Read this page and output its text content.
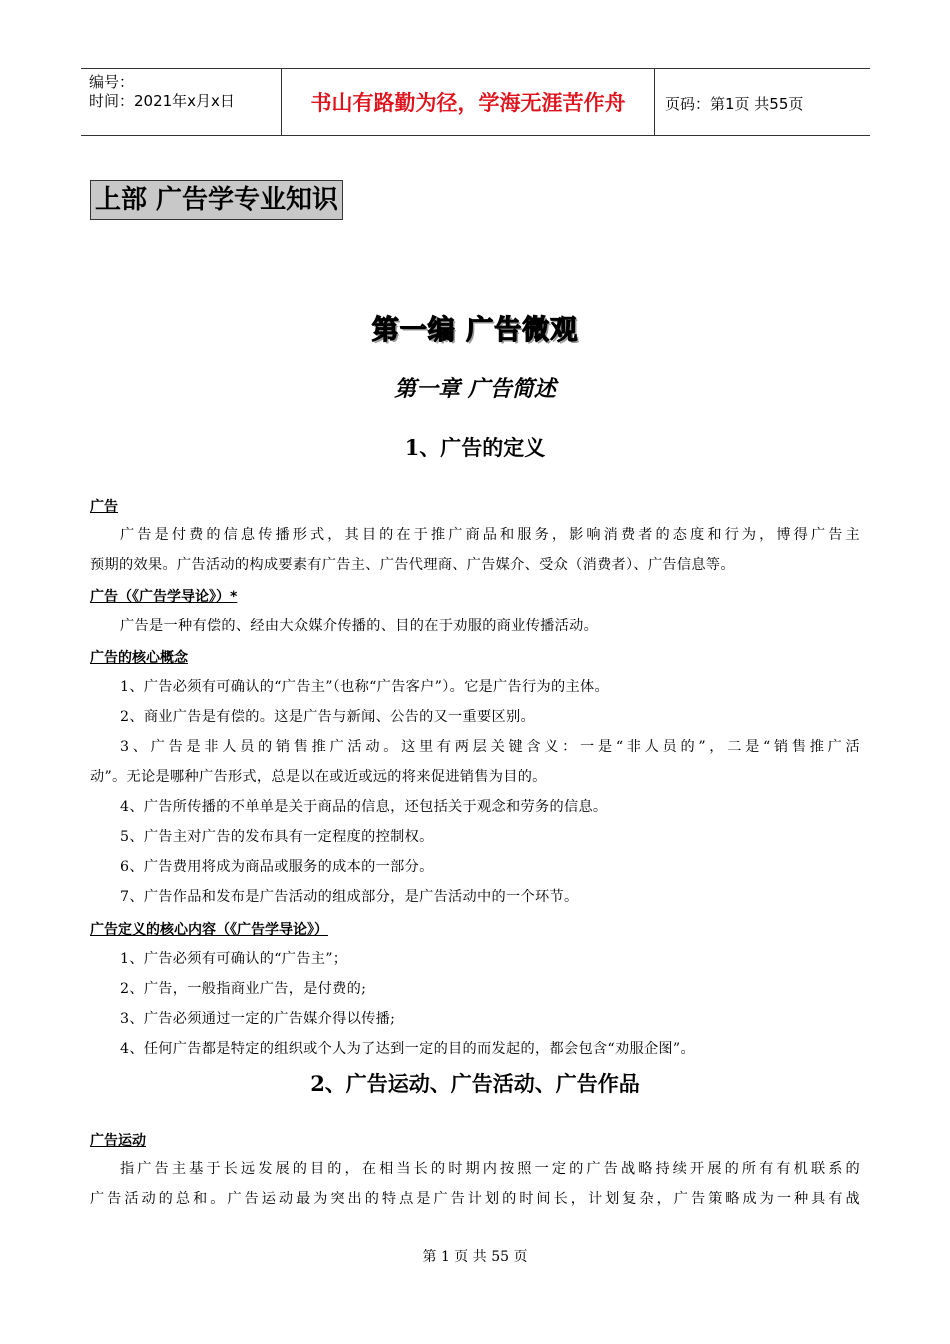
编号：
时间：2021年x月x日	书山有路勤为径，学海无涯苦作舟	页码：第1页 共55页
上部 广告学专业知识
第一编 广告微观
第一章 广告简述
1、广告的定义
广告
广告是付费的信息传播形式，其目的在于推广商品和服务，影响消费者的态度和行为，博得广告主
预期的效果。广告活动的构成要素有广告主、广告代理商、广告媒介、受众（消费者）、广告信息等。
广告（《广告学导论》）*
广告是一种有偿的、经由大众媒介传播的、目的在于劝服的商业传播活动。
广告的核心概念
1、广告必须有可确认的“广告主”（也称“广告客户”）。它是广告行为的主体。
2、商业广告是有偿的。这是广告与新闻、公告的又一重要区别。
3、广告是非人员的销售推广活动。这里有两层关键含义：一是“非人员的”，二是“销售推广活
动”。无论是哪种广告形式，总是以在或近或远的将来促进销售为目的。
4、广告所传播的不单单是关于商品的信息，还包括关于观念和劳务的信息。
5、广告主对广告的发布具有一定程度的控制权。
6、广告费用将成为商品或服务的成本的一部分。
7、广告作品和发布是广告活动的组成部分，是广告活动中的一个环节。
广告定义的核心内容（《广告学导论》）
1、广告必须有可确认的“广告主”；
2、广告，一般指商业广告，是付费的;
3、广告必须通过一定的广告媒介得以传播;
4、任何广告都是特定的组织或个人为了达到一定的目的而发起的，都会包含“劝服企图”。
2、广告运动、广告活动、广告作品
广告运动
指广告主基于长远发展的目的，在相当长的时期内按照一定的广告战略持续开展的所有有机联系的
广告活动的总和。广告运动最为突出的特点是广告计划的时间长，计划复杂，广告策略成为一种具有战
第 1 页 共 55 页
